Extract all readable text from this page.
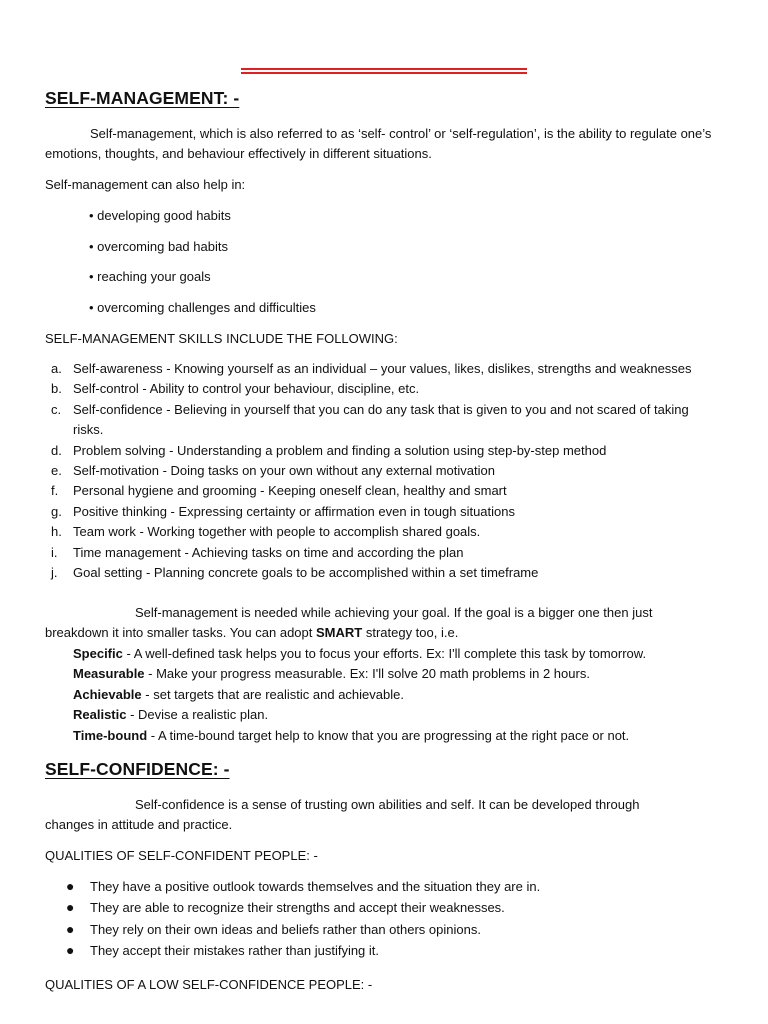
SELF-MANAGEMENT: -

Self-management, which is also referred to as ‘self- control’ or ‘self-regulation’, is the ability to regulate one’s emotions, thoughts, and behaviour effectively in different situations.

Self-management can also help in:
• developing good habits
• overcoming bad habits
• reaching your goals
• overcoming challenges and difficulties
SELF-MANAGEMENT SKILLS INCLUDE THE FOLLOWING:
a. Self-awareness - Knowing yourself as an individual – your values, likes, dislikes, strengths and weaknesses
b. Self-control - Ability to control your behaviour, discipline, etc.
c. Self-confidence - Believing in yourself that you can do any task that is given to you and not scared of taking risks.
d. Problem solving - Understanding a problem and finding a solution using step-by-step method
e. Self-motivation - Doing tasks on your own without any external motivation
f. Personal hygiene and grooming - Keeping oneself clean, healthy and smart
g. Positive thinking - Expressing certainty or affirmation even in tough situations
h. Team work - Working together with people to accomplish shared goals.
i. Time management - Achieving tasks on time and according the plan
j. Goal setting - Planning concrete goals to be accomplished within a set timeframe

Self-management is needed while achieving your goal. If the goal is a bigger one then just breakdown it into smaller tasks. You can adopt SMART strategy too, i.e.

Specific - A well-defined task helps you to focus your efforts. Ex: I'll complete this task by tomorrow.
Measurable - Make your progress measurable. Ex: I'll solve 20 math problems in 2 hours.
Achievable - set targets that are realistic and achievable.
Realistic - Devise a realistic plan.
Time-bound - A time-bound target help to know that you are progressing at the right pace or not.
SELF-CONFIDENCE: -

Self-confidence is a sense of trusting own abilities and self. It can be developed through changes in attitude and practice.

QUALITIES OF SELF-CONFIDENT PEOPLE: -
● They have a positive outlook towards themselves and the situation they are in.
● They are able to recognize their strengths and accept their weaknesses.
● They rely on their own ideas and beliefs rather than others opinions.
● They accept their mistakes rather than justifying it.
QUALITIES OF A LOW SELF-CONFIDENCE PEOPLE: -
